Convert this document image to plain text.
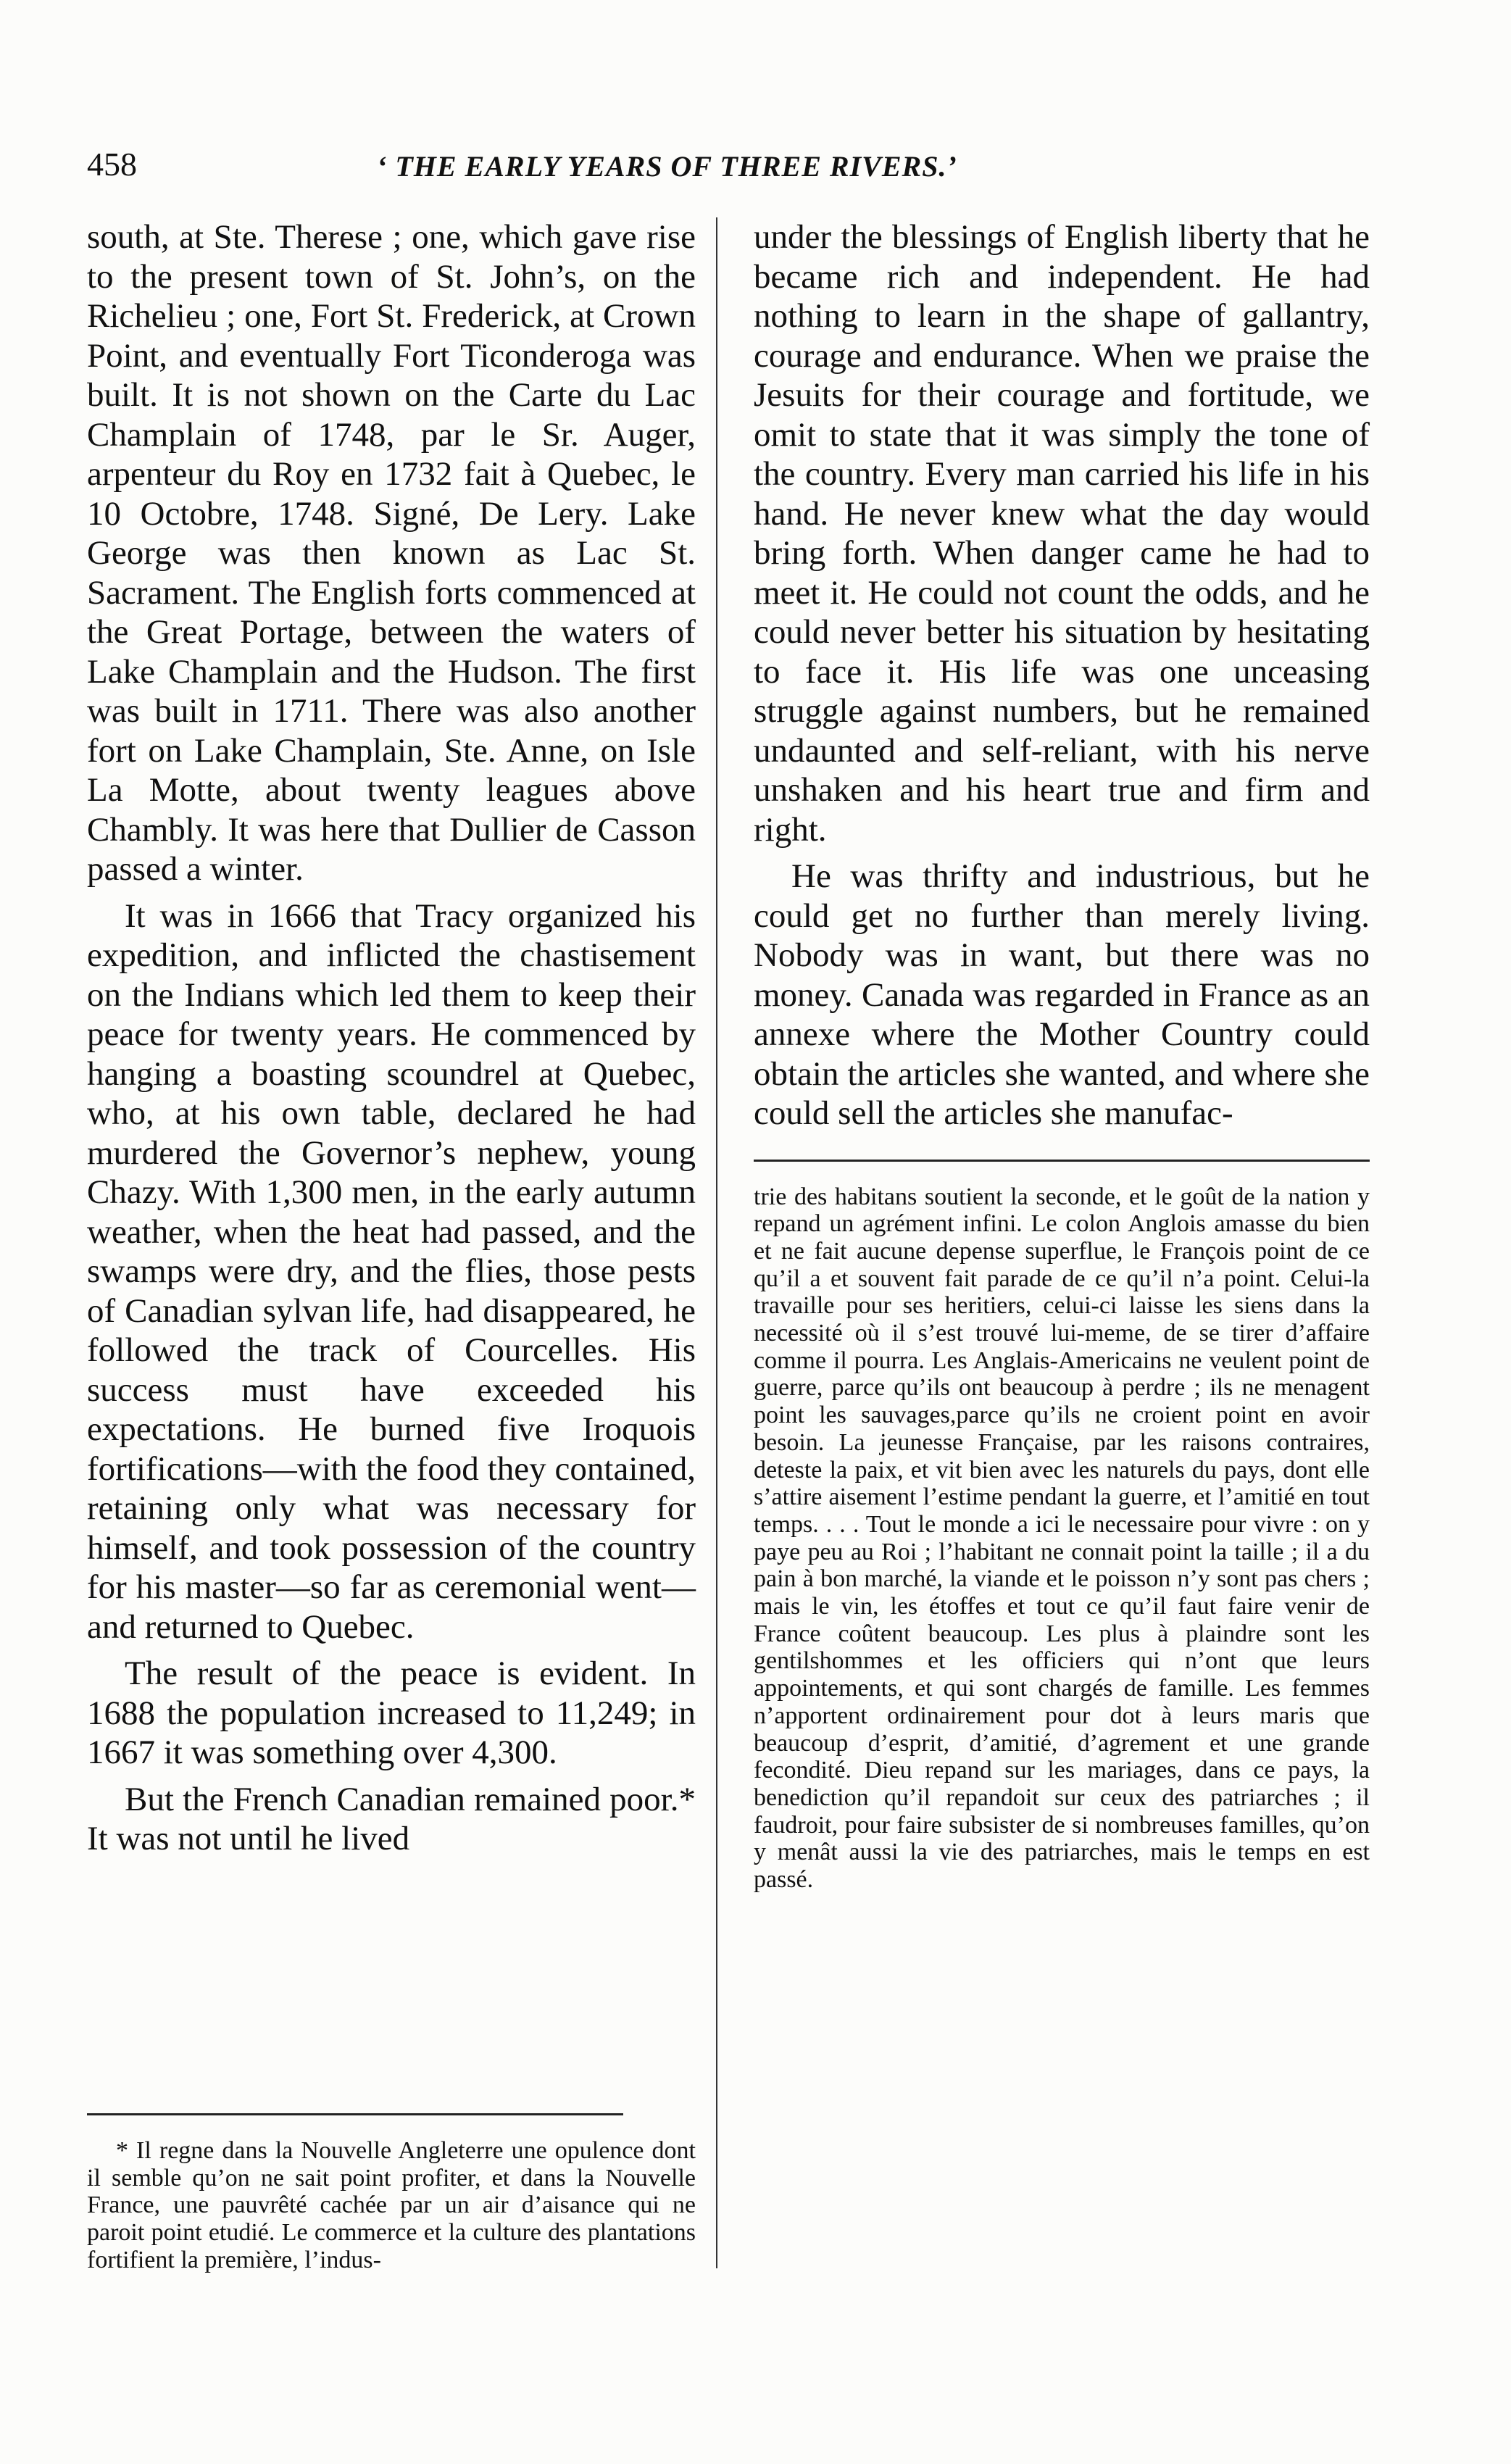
458	‘ THE EARLY YEARS OF THREE RIVERS.’

south, at Ste. Therese ; one, which gave rise to the present town of St. John’s, on the Richelieu ; one, Fort St. Frederick, at Crown Point, and eventually Fort Ticonderoga was built. It is not shown on the Carte du Lac Champlain of 1748, par le Sr. Auger, arpenteur du Roy en 1732 fait à Quebec, le 10 Octobre, 1748. Signé, De Lery. Lake George was then known as Lac St. Sacrament. The English forts commenced at the Great Portage, between the waters of Lake Champlain and the Hudson. The first was built in 1711. There was also another fort on Lake Champlain, Ste. Anne, on Isle La Motte, about twenty leagues above Chambly. It was here that Dullier de Casson passed a winter.

It was in 1666 that Tracy organized his expedition, and inflicted the chastisement on the Indians which led them to keep their peace for twenty years. He commenced by hanging a boasting scoundrel at Quebec, who, at his own table, declared he had murdered the Governor’s nephew, young Chazy. With 1,300 men, in the early autumn weather, when the heat had passed, and the swamps were dry, and the flies, those pests of Canadian sylvan life, had disappeared, he followed the track of Courcelles. His success must have exceeded his expectations. He burned five Iroquois fortifications—with the food they contained, retaining only what was necessary for himself, and took possession of the country for his master—so far as ceremonial went—and returned to Quebec.

The result of the peace is evident. In 1688 the population increased to 11,249; in 1667 it was something over 4,300.

But the French Canadian remained poor.* It was not until he lived

* Il regne dans la Nouvelle Angleterre une opulence dont il semble qu’on ne sait point profiter, et dans la Nouvelle France, une pauvrêté cachée par un air d’aisance qui ne paroit point etudié. Le commerce et la culture des plantations fortifient la première, l’indus-

under the blessings of English liberty that he became rich and independent. He had nothing to learn in the shape of gallantry, courage and endurance. When we praise the Jesuits for their courage and fortitude, we omit to state that it was simply the tone of the country. Every man carried his life in his hand. He never knew what the day would bring forth. When danger came he had to meet it. He could not count the odds, and he could never better his situation by hesitating to face it. His life was one unceasing struggle against numbers, but he remained undaunted and self-reliant, with his nerve unshaken and his heart true and firm and right.

He was thrifty and industrious, but he could get no further than merely living. Nobody was in want, but there was no money. Canada was regarded in France as an annexe where the Mother Country could obtain the articles she wanted, and where she could sell the articles she manufac-

trie des habitans soutient la seconde, et le goût de la nation y repand un agrément infini. Le colon Anglois amasse du bien et ne fait aucune depense superflue, le François point de ce qu’il a et souvent fait parade de ce qu’il n’a point. Celui-la travaille pour ses heritiers, celui-ci laisse les siens dans la necessité où il s’est trouvé lui-meme, de se tirer d’affaire comme il pourra. Les Anglais-Americains ne veulent point de guerre, parce qu’ils ont beaucoup à perdre ; ils ne menagent point les sauvages,parce qu’ils ne croient point en avoir besoin. La jeunesse Française, par les raisons contraires, deteste la paix, et vit bien avec les naturels du pays, dont elle s’attire aisement l’estime pendant la guerre, et l’amitié en tout temps. . . . Tout le monde a ici le necessaire pour vivre : on y paye peu au Roi ; l’habitant ne connait point la taille ; il a du pain à bon marché, la viande et le poisson n’y sont pas chers ; mais le vin, les étoffes et tout ce qu’il faut faire venir de France coûtent beaucoup. Les plus à plaindre sont les gentilshommes et les officiers qui n’ont que leurs appointements, et qui sont chargés de famille. Les femmes n’apportent ordinairement pour dot à leurs maris que beaucoup d’esprit, d’amitié, d’agrement et une grande fecondité. Dieu repand sur les mariages, dans ce pays, la benediction qu’il repandoit sur ceux des patriarches ; il faudroit, pour faire subsister de si nombreuses familles, qu’on y menât aussi la vie des patriarches, mais le temps en est passé.
